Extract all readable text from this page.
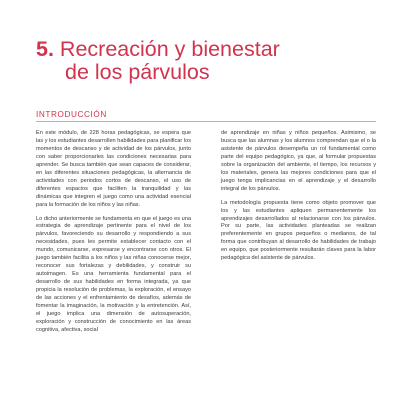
5. Recreación y bienestar
de los párvulos
INTRODUCCIÓN

En este módulo, de 228 horas pedagógicas, se espera que las y los estudiantes desarrollen habilidades para planificar los momentos de descanso y de actividad de los párvulos, junto con saber proporcionarles las condiciones necesarias para aprender. Se busca también que sean capaces de considerar, en las diferentes situaciones pedagógicas, la alternancia de actividades con periodos cortos de descanso, el uso de diferentes espacios que faciliten la tranquilidad y las dinámicas que integren el juego como una actividad esencial para la formación de los niños y las niñas.

Lo dicho anteriormente se fundamenta en que el juego es una estrategia de aprendizaje pertinente para el nivel de los párvulos, favoreciendo su desarrollo y respondiendo a sus necesidades, pues les permite establecer contacto con el mundo, comunicarse, expresarse y encontrarse con otros. El juego también facilita a los niños y las niñas conocerse mejor, reconocer sus fortalezas y debilidades, y construir su autoimagen. Es una herramienta fundamental para el desarrollo de sus habilidades en forma integrada, ya que propicia la resolución de problemas, la exploración, el ensayo de las acciones y el enfrentamiento de desafíos, además de fomentar la imaginación, la motivación y la entretención. Así, el juego implica una dimensión de autosuperación, exploración y construcción de conocimiento en las áreas cognitiva, afectiva, social

de aprendizaje en niñas y niños pequeños. Asimismo, se busca que las alumnas y los alumnos comprendan que el o la asistente de párvulos desempeña un rol fundamental como parte del equipo pedagógico, ya que, al formular propuestas sobre la organización del ambiente, el tiempo, los recursos y los materiales, genera las mejores condiciones para que el juego tenga implicancias en el aprendizaje y el desarrollo integral de los párvulos.

La metodología propuesta tiene como objeto promover que los y las estudiantes apliquen permanentemente los aprendizajes desarrollados al relacionarse con los párvulos. Por su parte, las actividades planteadas se realizan preferentemente en grupos pequeños o medianos, de tal forma que contribuyan al desarrollo de habilidades de trabajo en equipo, que posteriormente resultarán claves para la labor pedagógica del asistente de párvulos.
